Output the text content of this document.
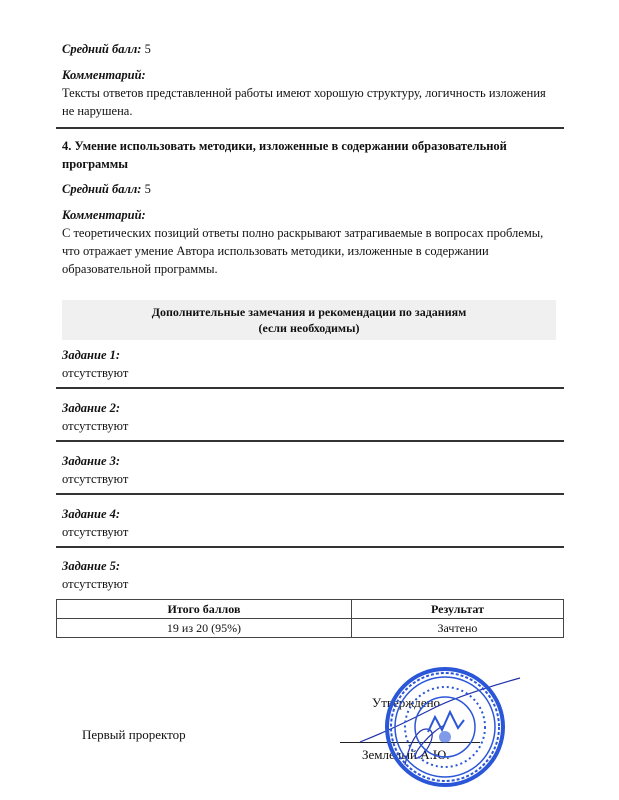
Средний балл: 5
Комментарий:
Тексты ответов представленной работы имеют хорошую структуру, логичность изложения
не нарушена.
4. Умение использовать методики, изложенные в содержании образовательной
программы
Средний балл: 5
Комментарий:
С теоретических позиций ответы полно раскрывают затрагиваемые в вопросах проблемы,
что отражает умение Автора использовать методики, изложенные в содержании
образовательной программы.
Дополнительные замечания и рекомендации по заданиям
(если необходимы)
Задание 1:
отсутствуют
Задание 2:
отсутствуют
Задание 3:
отсутствуют
Задание 4:
отсутствуют
Задание 5:
отсутствуют
Итого баллов	Результат
19 из 20 (95%)	Зачтено
Первый проректор
Утверждено
Землелый А.Ю.
